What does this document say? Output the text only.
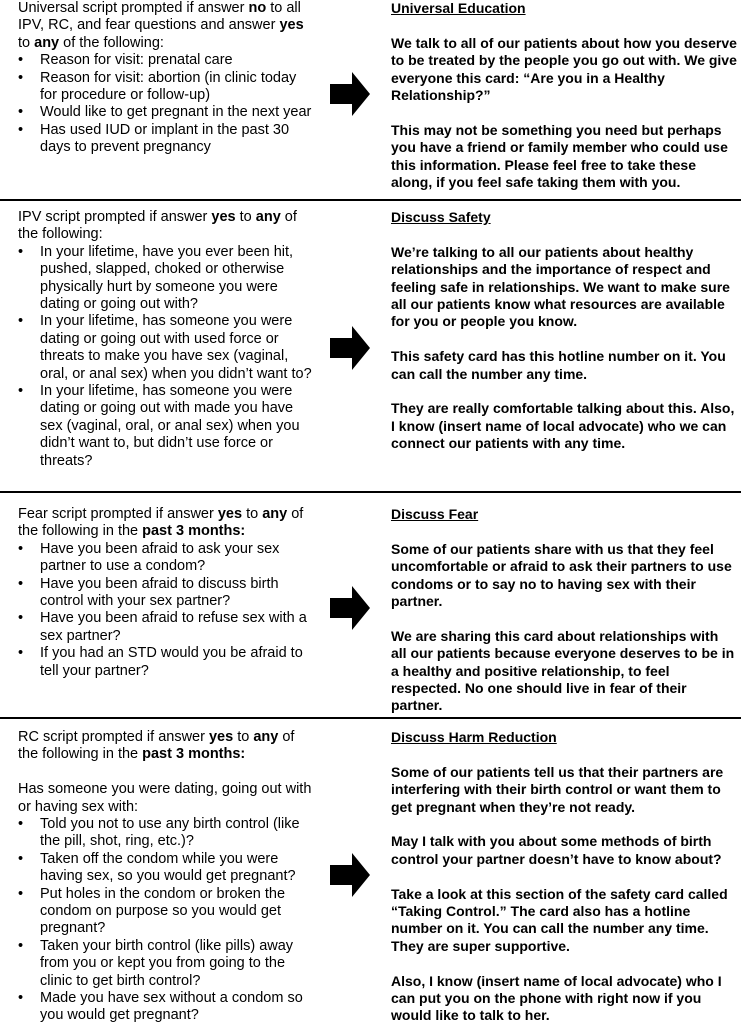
Universal script prompted if answer no to all IPV, RC, and fear questions and answer yes to any of the following:

• Reason for visit: prenatal care
• Reason for visit: abortion (in clinic today for procedure or follow-up)
• Would like to get pregnant in the next year
• Has used IUD or implant in the past 30 days to prevent pregnancy

Universal Education

We talk to all of our patients about how you deserve to be treated by the people you go out with. We give everyone this card: “Are you in a Healthy Relationship?”

This may not be something you need but perhaps you have a friend or family member who could use this information. Please feel free to take these along, if you feel safe taking them with you.

IPV script prompted if answer yes to any of the following:

• In your lifetime, have you ever been hit, pushed, slapped, choked or otherwise physically hurt by someone you were dating or going out with?
• In your lifetime, has someone you were dating or going out with used force or threats to make you have sex (vaginal, oral, or anal sex) when you didn’t want to?
• In your lifetime, has someone you were dating or going out with made you have sex (vaginal, oral, or anal sex) when you didn’t want to, but didn’t use force or threats?

Discuss Safety

We’re talking to all our patients about healthy relationships and the importance of respect and feeling safe in relationships. We want to make sure all our patients know what resources are available for you or people you know.

This safety card has this hotline number on it. You can call the number any time.

They are really comfortable talking about this. Also, I know (insert name of local advocate) who we can connect our patients with any time.

Fear script prompted if answer yes to any of the following in the past 3 months:

• Have you been afraid to ask your sex partner to use a condom?
• Have you been afraid to discuss birth control with your sex partner?
• Have you been afraid to refuse sex with a sex partner?
• If you had an STD would you be afraid to tell your partner?

Discuss Fear

Some of our patients share with us that they feel uncomfortable or afraid to ask their partners to use condoms or to say no to having sex with their partner.

We are sharing this card about relationships with all our patients because everyone deserves to be in a healthy and positive relationship, to feel respected. No one should live in fear of their partner.

RC script prompted if answer yes to any of the following in the past 3 months:

Has someone you were dating, going out with or having sex with:

• Told you not to use any birth control (like the pill, shot, ring, etc.)?
• Taken off the condom while you were having sex, so you would get pregnant?
• Put holes in the condom or broken the condom on purpose so you would get pregnant?
• Taken your birth control (like pills) away from you or kept you from going to the clinic to get birth control?
• Made you have sex without a condom so you would get pregnant?

Discuss Harm Reduction

Some of our patients tell us that their partners are interfering with their birth control or want them to get pregnant when they’re not ready.

May I talk with you about some methods of birth control your partner doesn’t have to know about?

Take a look at this section of the safety card called “Taking Control.” The card also has a hotline number on it. You can call the number any time. They are super supportive.

Also, I know (insert name of local advocate) who I can put you on the phone with right now if you would like to talk to her.
